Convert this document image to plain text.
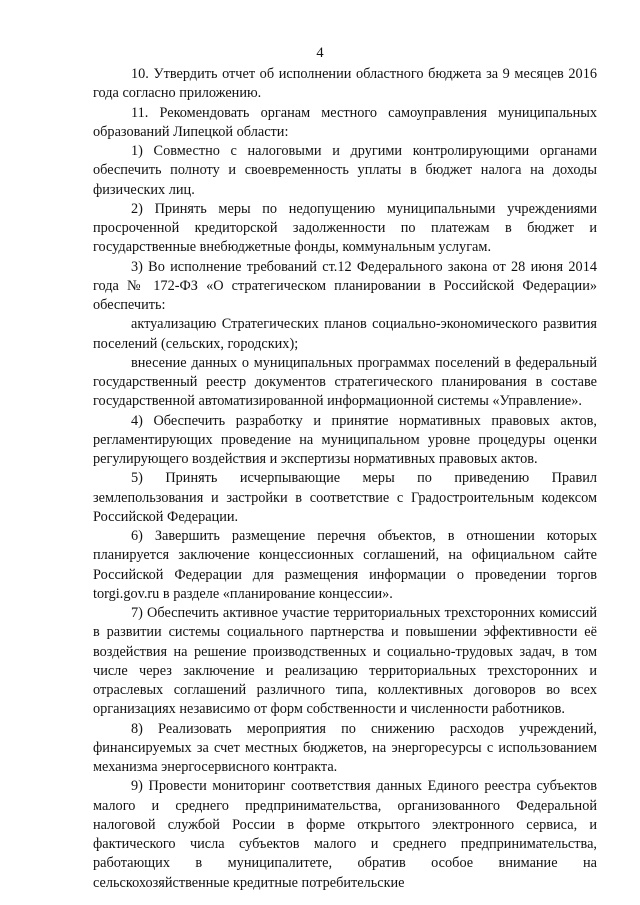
4

10. Утвердить отчет об исполнении областного бюджета за 9 месяцев 2016 года согласно приложению.

11. Рекомендовать органам местного самоуправления муниципальных образований Липецкой области:

1) Совместно с налоговыми и другими контролирующими органами обеспечить полноту и своевременность уплаты в бюджет налога на доходы физических лиц.

2) Принять меры по недопущению муниципальными учреждениями просроченной кредиторской задолженности по платежам в бюджет и государственные внебюджетные фонды, коммунальным услугам.

3) Во исполнение требований ст.12 Федерального закона от 28 июня 2014 года № 172-ФЗ «О стратегическом планировании в Российской Федерации» обеспечить:

актуализацию Стратегических планов социально-экономического развития поселений (сельских, городских);

внесение данных о муниципальных программах поселений в федеральный государственный реестр документов стратегического планирования в составе государственной автоматизированной информационной системы «Управление».

4) Обеспечить разработку и принятие нормативных правовых актов, регламентирующих проведение на муниципальном уровне процедуры оценки регулирующего воздействия и экспертизы нормативных правовых актов.

5) Принять исчерпывающие меры по приведению Правил землепользования и застройки в соответствие с Градостроительным кодексом Российской Федерации.

6) Завершить размещение перечня объектов, в отношении которых планируется заключение концессионных соглашений, на официальном сайте Российской Федерации для размещения информации о проведении торгов torgi.gov.ru в разделе «планирование концессии».

7) Обеспечить активное участие территориальных трехсторонних комиссий в развитии системы социального партнерства и повышении эффективности её воздействия на решение производственных и социально-трудовых задач, в том числе через заключение и реализацию территориальных трехсторонних и отраслевых соглашений различного типа, коллективных договоров во всех организациях независимо от форм собственности и численности работников.

8) Реализовать мероприятия по снижению расходов учреждений, финансируемых за счет местных бюджетов, на энергоресурсы с использованием механизма энергосервисного контракта.

9) Провести мониторинг соответствия данных Единого реестра субъектов малого и среднего предпринимательства, организованного Федеральной налоговой службой России в форме открытого электронного сервиса, и фактического числа субъектов малого и среднего предпринимательства, работающих в муниципалитете, обратив особое внимание на сельскохозяйственные кредитные потребительские
